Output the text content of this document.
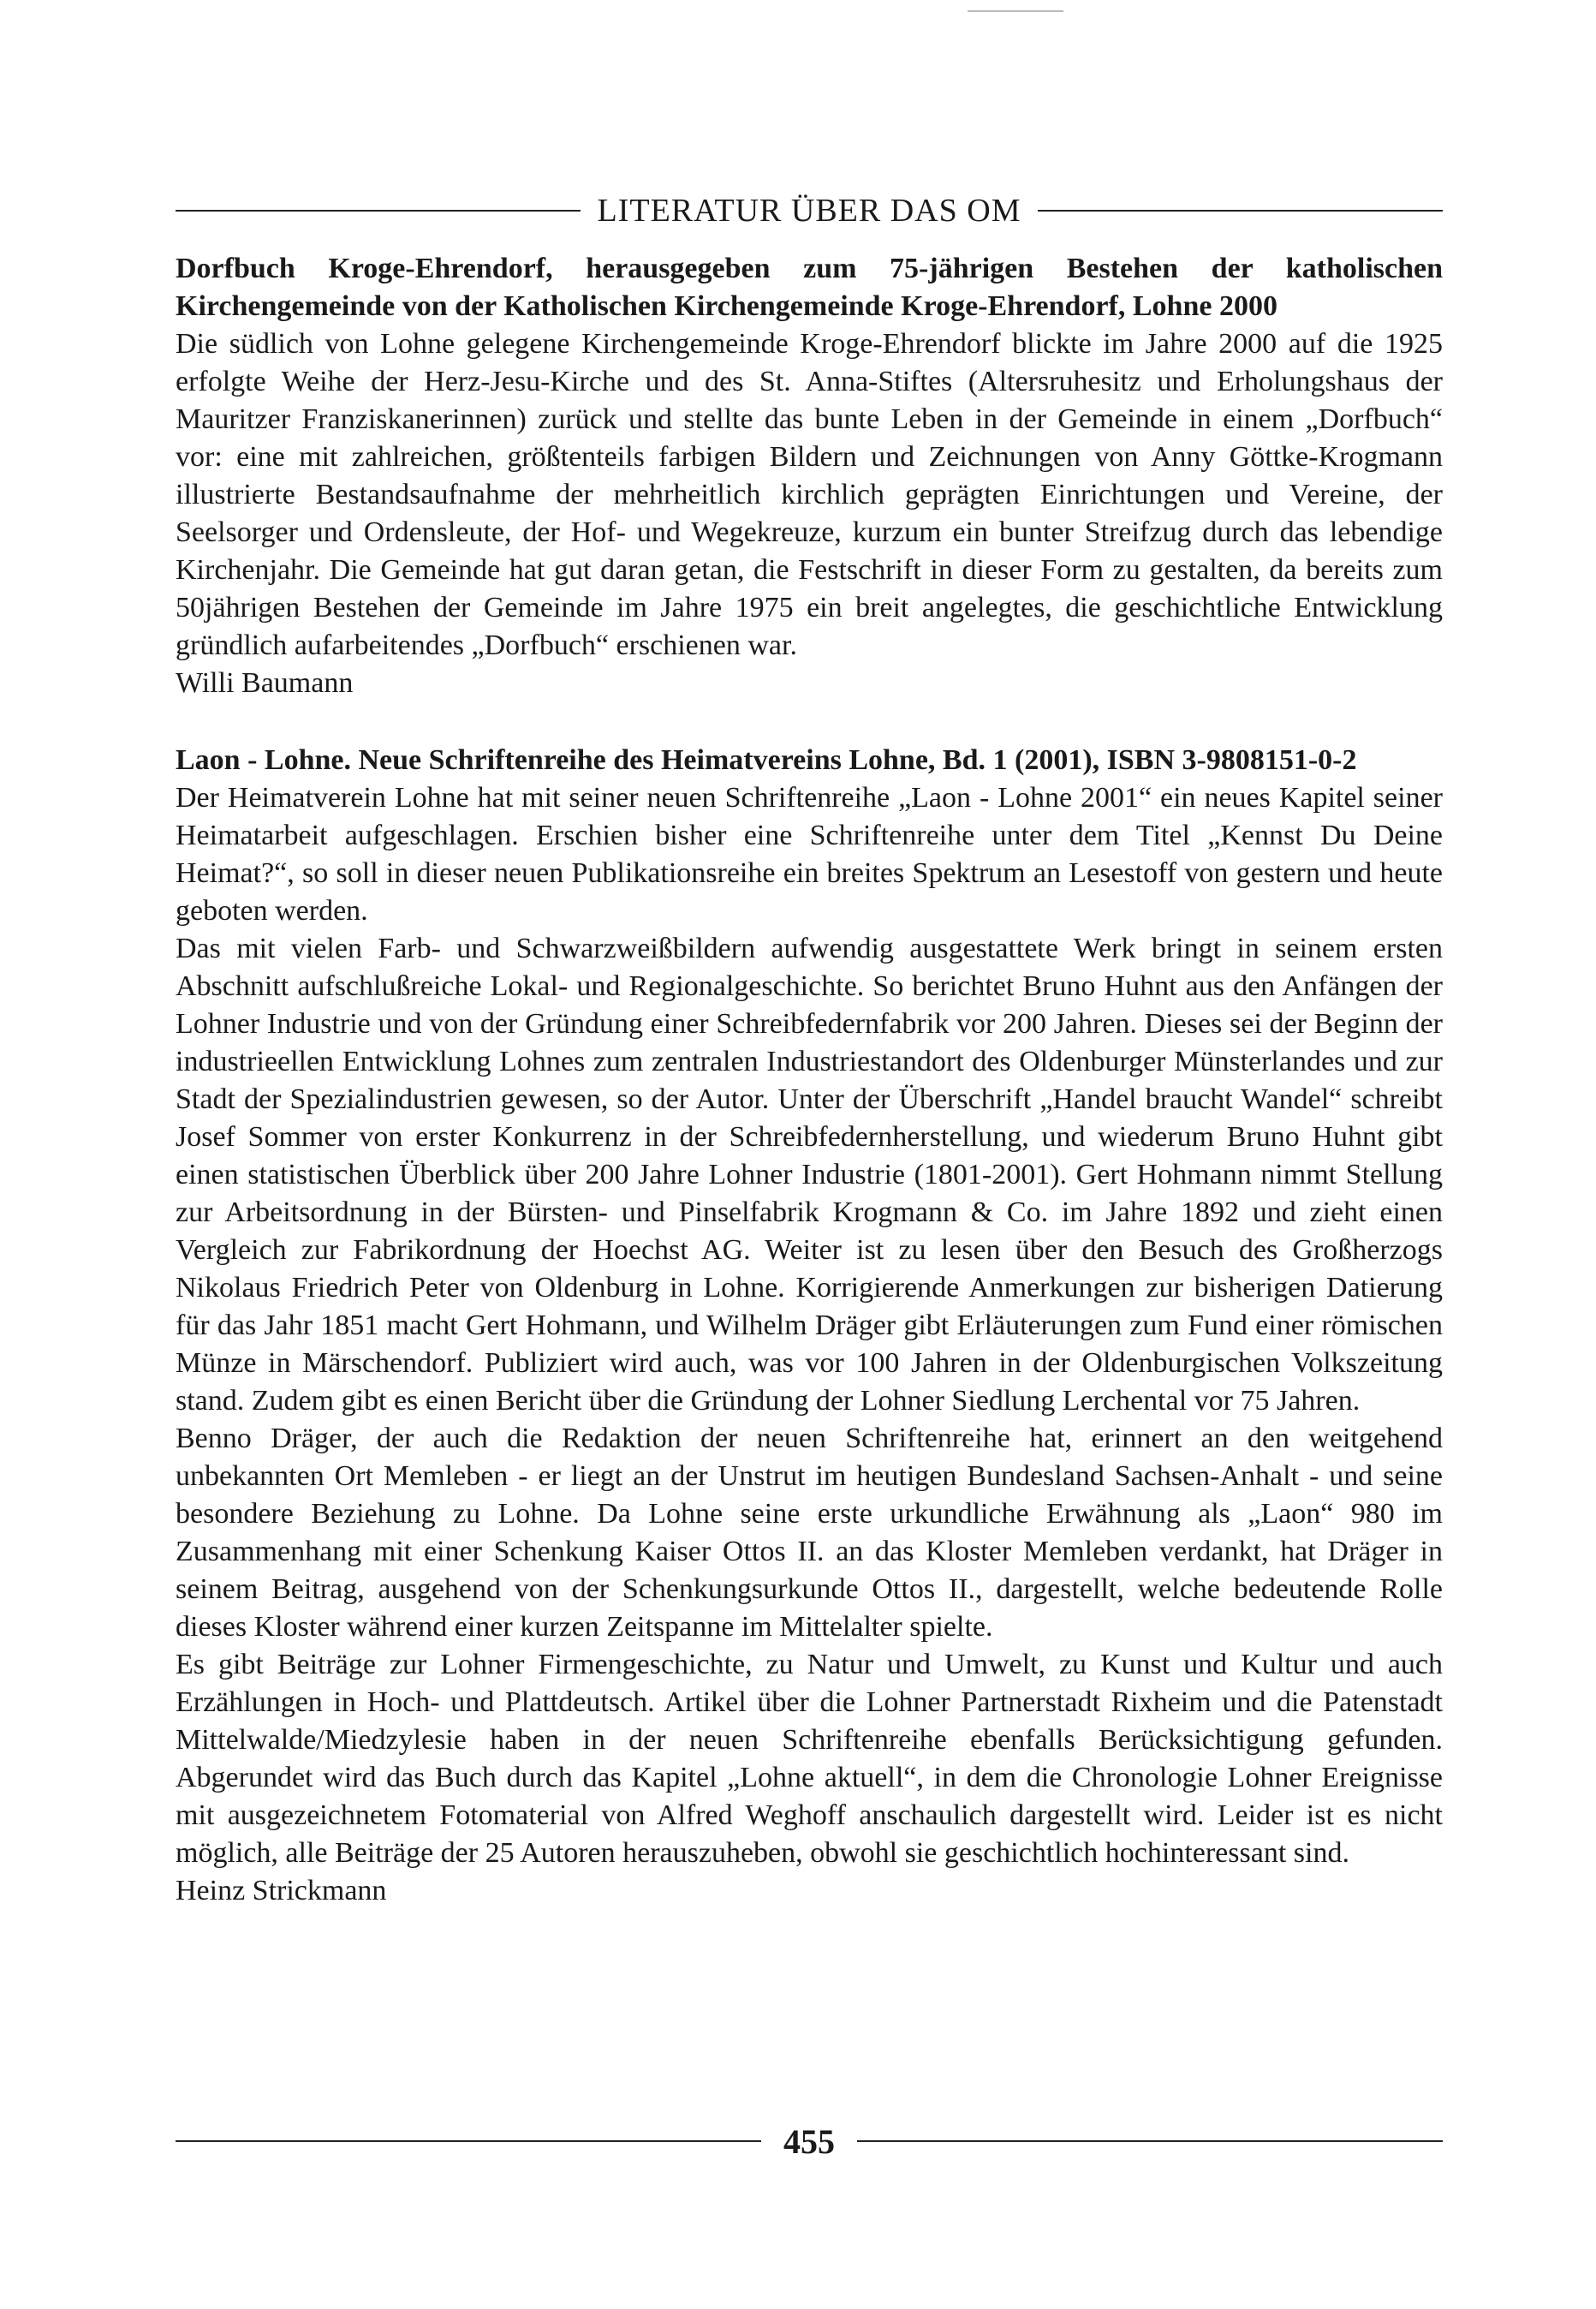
LITERATUR ÜBER DAS OM

Dorfbuch Kroge-Ehrendorf, herausgegeben zum 75-jährigen Bestehen der katholischen Kirchengemeinde von der Katholischen Kirchengemeinde Kroge-Ehrendorf, Lohne 2000

Die südlich von Lohne gelegene Kirchengemeinde Kroge-Ehrendorf blickte im Jahre 2000 auf die 1925 erfolgte Weihe der Herz-Jesu-Kirche und des St. Anna-Stiftes (Altersruhesitz und Erholungshaus der Mauritzer Franziskanerinnen) zurück und stellte das bunte Leben in der Gemeinde in einem „Dorfbuch“ vor: eine mit zahlreichen, größtenteils farbigen Bildern und Zeichnungen von Anny Göttke-Krogmann illustrierte Bestandsaufnahme der mehrheitlich kirchlich geprägten Einrichtungen und Vereine, der Seelsorger und Ordensleute, der Hof- und Wegekreuze, kurzum ein bunter Streifzug durch das lebendige Kirchenjahr. Die Gemeinde hat gut daran getan, die Festschrift in dieser Form zu gestalten, da bereits zum 50jährigen Bestehen der Gemeinde im Jahre 1975 ein breit angelegtes, die geschichtliche Entwicklung gründlich aufarbeitendes „Dorfbuch“ erschienen war.

Willi Baumann

Laon - Lohne. Neue Schriftenreihe des Heimatvereins Lohne, Bd. 1 (2001), ISBN 3-9808151-0-2

Der Heimatverein Lohne hat mit seiner neuen Schriftenreihe „Laon - Lohne 2001“ ein neues Kapitel seiner Heimatarbeit aufgeschlagen. Erschien bisher eine Schriftenreihe unter dem Titel „Kennst Du Deine Heimat?“, so soll in dieser neuen Publikationsreihe ein breites Spektrum an Lesestoff von gestern und heute geboten werden.

Das mit vielen Farb- und Schwarzweißbildern aufwendig ausgestattete Werk bringt in seinem ersten Abschnitt aufschlußreiche Lokal- und Regionalgeschichte. So berichtet Bruno Huhnt aus den Anfängen der Lohner Industrie und von der Gründung einer Schreibfedernfabrik vor 200 Jahren. Dieses sei der Beginn der industrieellen Entwicklung Lohnes zum zentralen Industriestandort des Oldenburger Münsterlandes und zur Stadt der Spezialindustrien gewesen, so der Autor. Unter der Überschrift „Handel braucht Wandel“ schreibt Josef Sommer von erster Konkurrenz in der Schreibfedernherstellung, und wiederum Bruno Huhnt gibt einen statistischen Überblick über 200 Jahre Lohner Industrie (1801-2001). Gert Hohmann nimmt Stellung zur Arbeitsordnung in der Bürsten- und Pinselfabrik Krogmann & Co. im Jahre 1892 und zieht einen Vergleich zur Fabrikordnung der Hoechst AG. Weiter ist zu lesen über den Besuch des Großherzogs Nikolaus Friedrich Peter von Oldenburg in Lohne. Korrigierende Anmerkungen zur bisherigen Datierung für das Jahr 1851 macht Gert Hohmann, und Wilhelm Dräger gibt Erläuterungen zum Fund einer römischen Münze in Märschendorf. Publiziert wird auch, was vor 100 Jahren in der Oldenburgischen Volkszeitung stand. Zudem gibt es einen Bericht über die Gründung der Lohner Siedlung Lerchental vor 75 Jahren.

Benno Dräger, der auch die Redaktion der neuen Schriftenreihe hat, erinnert an den weitgehend unbekannten Ort Memleben - er liegt an der Unstrut im heutigen Bundesland Sachsen-Anhalt - und seine besondere Beziehung zu Lohne. Da Lohne seine erste urkundliche Erwähnung als „Laon“ 980 im Zusammenhang mit einer Schenkung Kaiser Ottos II. an das Kloster Memleben verdankt, hat Dräger in seinem Beitrag, ausgehend von der Schenkungsurkunde Ottos II., dargestellt, welche bedeutende Rolle dieses Kloster während einer kurzen Zeitspanne im Mittelalter spielte.

Es gibt Beiträge zur Lohner Firmengeschichte, zu Natur und Umwelt, zu Kunst und Kultur und auch Erzählungen in Hoch- und Plattdeutsch. Artikel über die Lohner Partnerstadt Rixheim und die Patenstadt Mittelwalde/Miedzylesie haben in der neuen Schriftenreihe ebenfalls Berücksichtigung gefunden. Abgerundet wird das Buch durch das Kapitel „Lohne aktuell“, in dem die Chronologie Lohner Ereignisse mit ausgezeichnetem Fotomaterial von Alfred Weghoff anschaulich dargestellt wird. Leider ist es nicht möglich, alle Beiträge der 25 Autoren herauszuheben, obwohl sie geschichtlich hochinteressant sind.

Heinz Strickmann

455
